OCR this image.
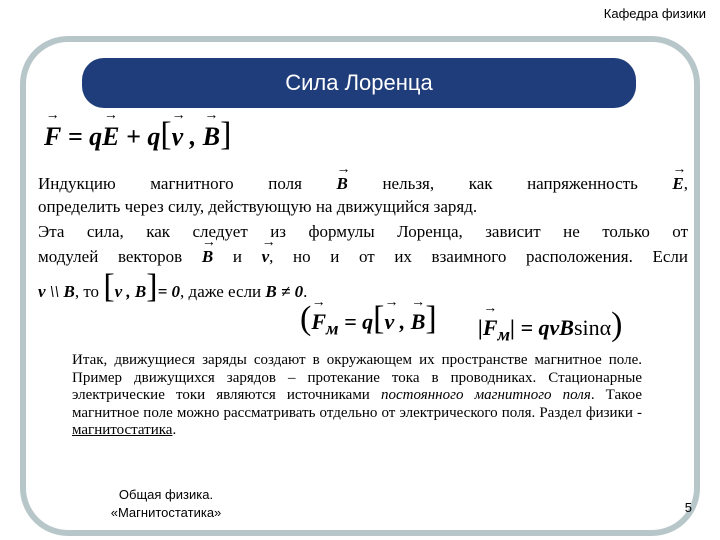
Кафедра физики
Сила Лоренца
→ F = q→ E + q[→ v , → B]
Индукцию магнитного поля → B нельзя, как напряженность → E,
определить через силу, действующую на движущийся заряд.
Эта сила, как следует из формулы Лоренца, зависит не только от
модулей векторов → B и → v, но и от их взаимного расположения. Если
v \\ B, то [v , B]= 0, даже если B ≠ 0.
(→ $F_м = q[\to v$ , → B] |→ $F_м| = qvBsin\alpha$)
Итак, движущиеся заряды создают в окружающем их пространстве магнитное поле. Пример движущихся зарядов – протекание тока в проводниках. Стационарные электрические токи являются источниками постоянного магнитного поля. Такое магнитное поле можно рассматривать отдельно от электрического поля. Раздел физики - магнитостатика.
Общая физика.
«Магнитостатика»	5
